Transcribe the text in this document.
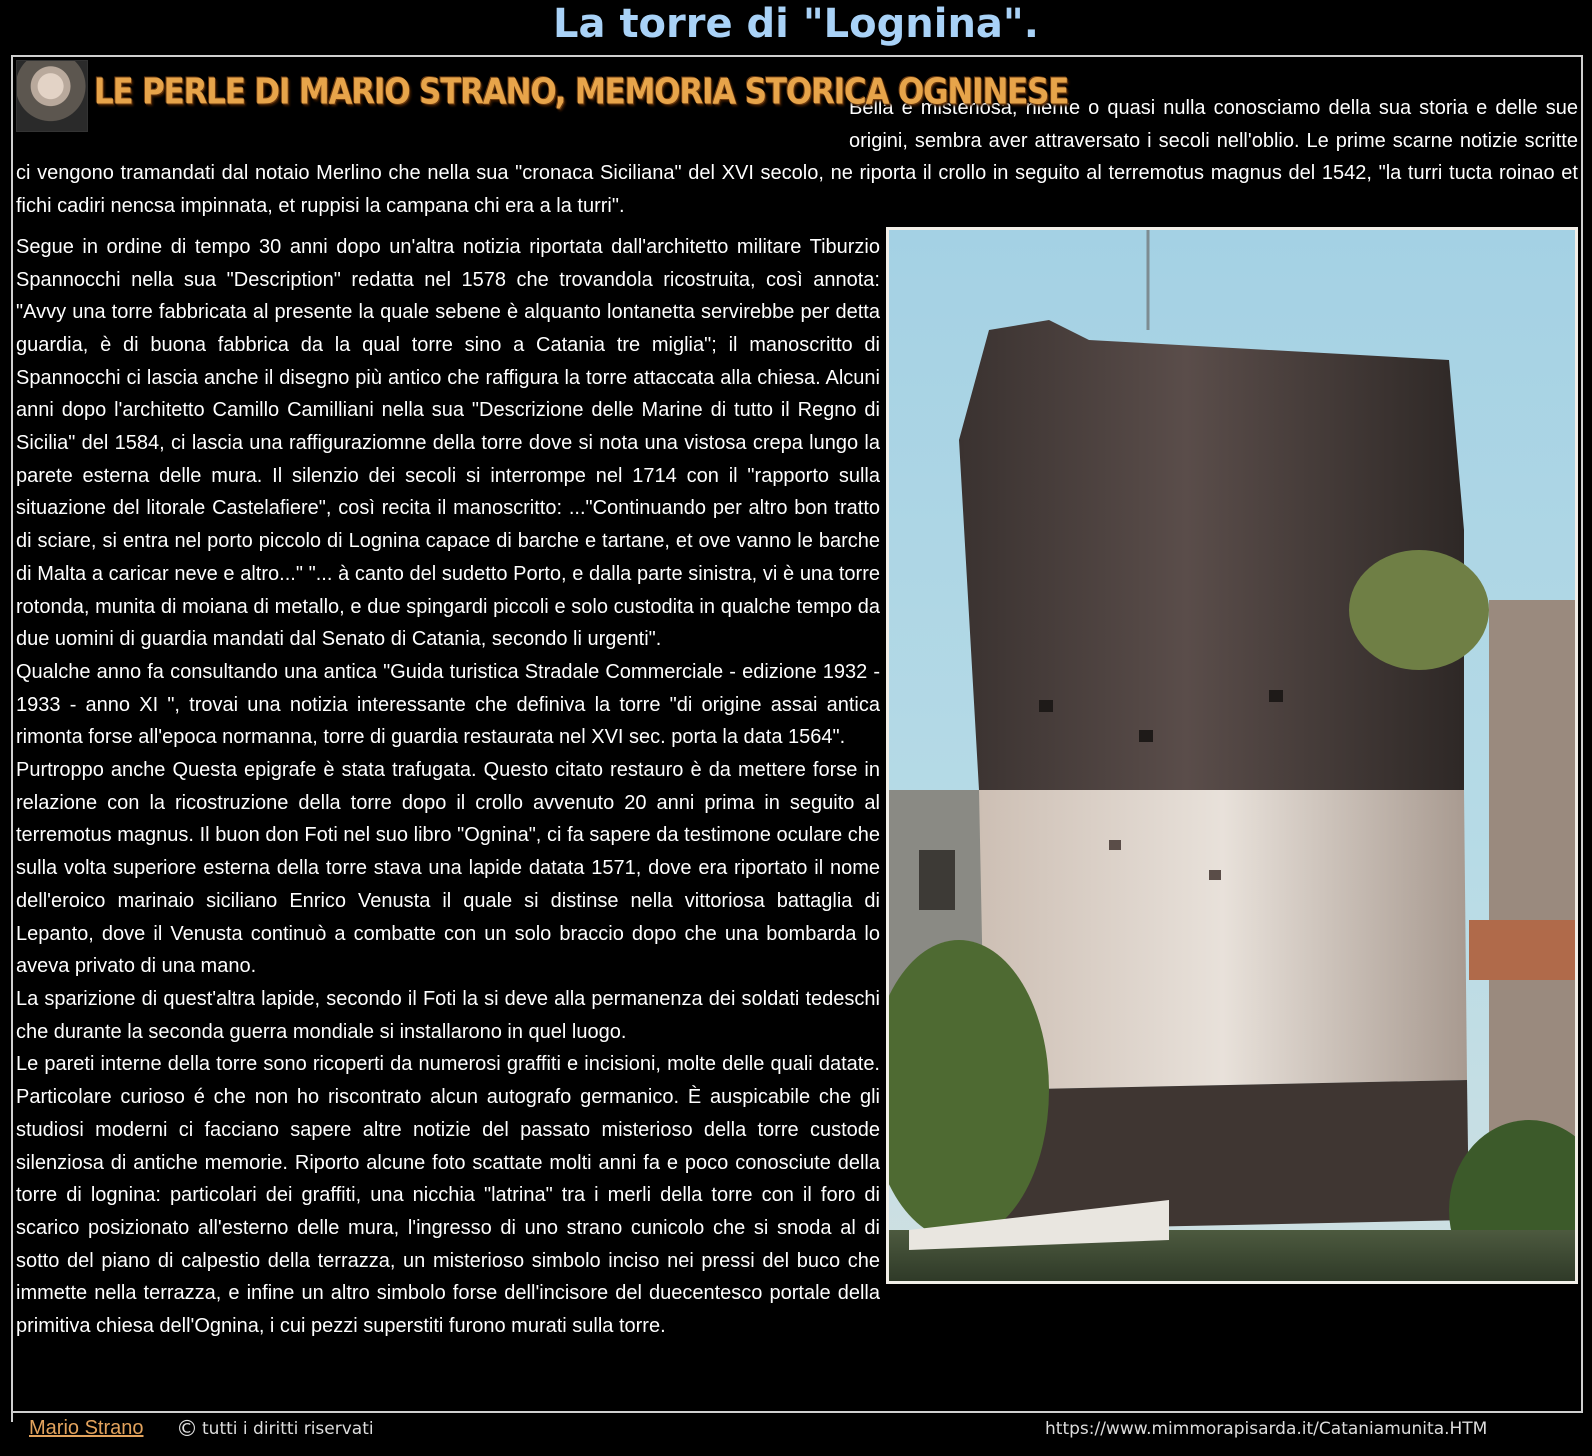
La torre di "Lognina".
LE PERLE DI MARIO STRANO, MEMORIA STORICA OGNINESE

Bella e misteriosa, niente o quasi nulla conosciamo della sua storia e delle sue origini, sembra aver attraversato i secoli nell'oblio. Le prime scarne notizie scritte ci vengono tramandati dal notaio Merlino che nella sua "cronaca Siciliana" del XVI secolo, ne riporta il crollo in seguito al terremotus magnus del 1542, "la turri tucta roinao et fichi cadiri nencsa impinnata, et ruppisi la campana chi era a la turri".

Segue in ordine di tempo 30 anni dopo un'altra notizia riportata dall'architetto militare Tiburzio Spannocchi nella sua "Description" redatta nel 1578 che trovandola ricostruita, così annota: "Avvy una torre fabbricata al presente la quale sebene è alquanto lontanetta servirebbe per detta guardia, è di buona fabbrica da la qual torre sino a Catania tre miglia"; il manoscritto di Spannocchi ci lascia anche il disegno più antico che raffigura la torre attaccata alla chiesa. Alcuni anni dopo l'architetto Camillo Camilliani nella sua "Descrizione delle Marine di tutto il Regno di Sicilia" del 1584, ci lascia una raffiguraziomne della torre dove si nota una vistosa crepa lungo la parete esterna delle mura. Il silenzio dei secoli si interrompe nel 1714 con il "rapporto sulla situazione del litorale Castelafiere", così recita il manoscritto: ..."Continuando per altro bon tratto di sciare, si entra nel porto piccolo di Lognina capace di barche e tartane, et ove vanno le barche di Malta a caricar neve e altro..." "... à canto del sudetto Porto, e dalla parte sinistra, vi è una torre rotonda, munita di moiana di metallo, e due spingardi piccoli e solo custodita in qualche tempo da due uomini di guardia mandati dal Senato di Catania, secondo li urgenti".

Qualche anno fa consultando una antica "Guida turistica Stradale Commerciale - edizione 1932 - 1933 - anno XI ", trovai una notizia interessante che definiva la torre "di origine assai antica rimonta forse all'epoca normanna, torre di guardia restaurata nel XVI sec. porta la data 1564".

Purtroppo anche Questa epigrafe è stata trafugata. Questo citato restauro è da mettere forse in relazione con la ricostruzione della torre dopo il crollo avvenuto 20 anni prima in seguito al terremotus magnus. Il buon don Foti nel suo libro "Ognina", ci fa sapere da testimone oculare che sulla volta superiore esterna della torre stava una lapide datata 1571, dove era riportato il nome dell'eroico marinaio siciliano Enrico Venusta il quale si distinse nella vittoriosa battaglia di Lepanto, dove il Venusta continuò a combatte con un solo braccio dopo che una bombarda lo aveva privato di una mano.

La sparizione di quest'altra lapide, secondo il Foti la si deve alla permanenza dei soldati tedeschi che durante la seconda guerra mondiale si installarono in quel luogo.

Le pareti interne della torre sono ricoperti da numerosi graffiti e incisioni, molte delle quali datate. Particolare curioso é che non ho riscontrato alcun autografo germanico. È auspicabile che gli studiosi moderni ci facciano sapere altre notizie del passato misterioso della torre custode silenziosa di antiche memorie. Riporto alcune foto scattate molti anni fa e poco conosciute della torre di lognina: particolari dei graffiti, una nicchia "latrina" tra i merli della torre con il foro di scarico posizionato all'esterno delle mura, l'ingresso di uno strano cunicolo che si snoda al di sotto del piano di calpestio della terrazza, un misterioso simbolo inciso nei pressi del buco che immette nella terrazza, e infine un altro simbolo forse dell'incisore del duecentesco portale della primitiva chiesa dell'Ognina, i cui pezzi superstiti furono murati sulla torre.

Mario Strano © tutti i diritti riservati	https://www.mimmorapisarda.it/Cataniamunita.HTM
